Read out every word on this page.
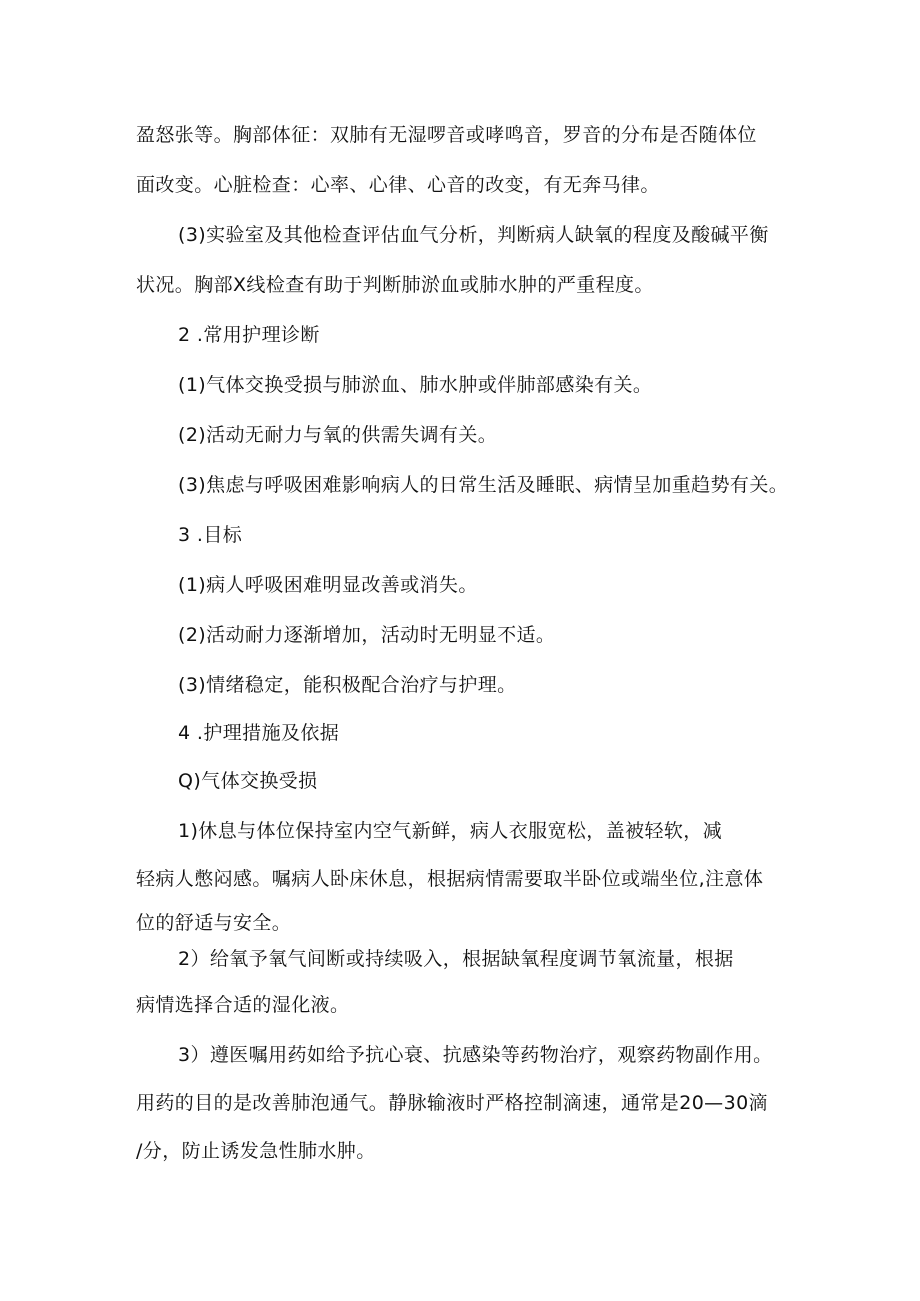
盈怒张等。胸部体征：双肺有无湿啰音或哮鸣音，罗音的分布是否随体位
面改变。心脏检查：心率、心律、心音的改变，有无奔马律。
(3)实验室及其他检查评估血气分析，判断病人缺氧的程度及酸碱平衡
状况。胸部X线检查有助于判断肺淤血或肺水肿的严重程度。
2 .常用护理诊断
(1)气体交换受损与肺淤血、肺水肿或伴肺部感染有关。
(2)活动无耐力与氧的供需失调有关。
(3)焦虑与呼吸困难影响病人的日常生活及睡眠、病情呈加重趋势有关。
3 .目标
(1)病人呼吸困难明显改善或消失。
(2)活动耐力逐渐增加，活动时无明显不适。
(3)情绪稳定，能积极配合治疗与护理。
4 .护理措施及依据
Q)气体交换受损
1)休息与体位保持室内空气新鲜，病人衣服宽松，盖被轻软，减
轻病人憋闷感。嘱病人卧床休息，根据病情需要取半卧位或端坐位,注意体
位的舒适与安全。
2）给氧予氧气间断或持续吸入，根据缺氧程度调节氧流量，根据
病情选择合适的湿化液。
3）遵医嘱用药如给予抗心衰、抗感染等药物治疗，观察药物副作用。
用药的目的是改善肺泡通气。静脉输液时严格控制滴速，通常是20—30滴
/分，防止诱发急性肺水肿。
